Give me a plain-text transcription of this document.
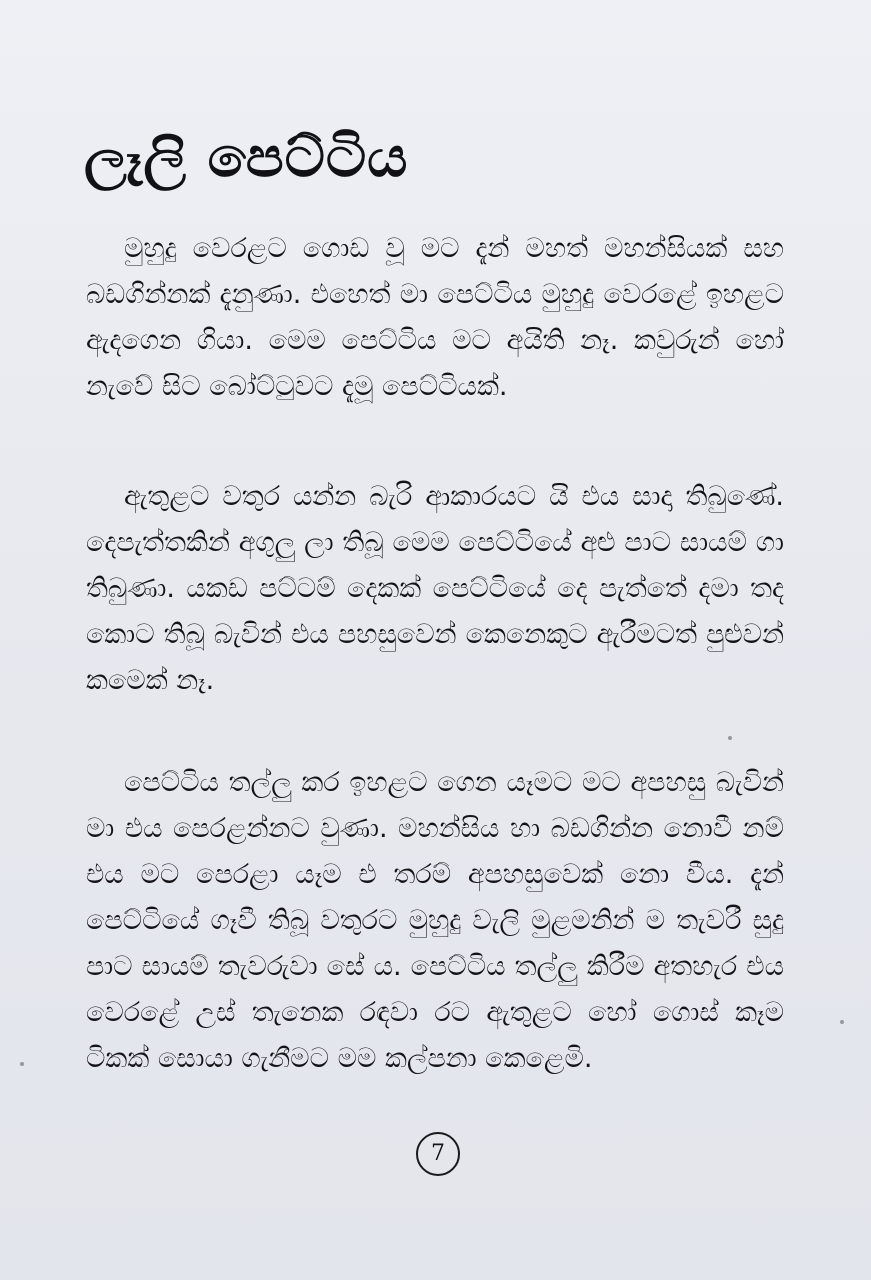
ලෑලි පෙට්ටිය

මුහුදු වෙරළට ගොඩ වූ මට දැන් මහත් මහන්සියක් සහ බඩගින්නක් දැනුණා. එහෙත් මා පෙට්ටිය මුහුදු වෙරළේ ඉහළට ඇදගෙන ගියා. මෙම පෙට්ටිය මට අයිති නෑ. කවුරුන් හෝ නැවේ සිට බෝට්ටුවට දැමූ පෙට්ටියක්.

ඇතුළට වතුර යන්න බැරි ආකාරයට යි එය සාදා තිබුණේ. දෙපැත්තකින් අගුලු ලා තිබූ මෙම පෙට්ටියේ අළු පාට සායම් ගා තිබුණා. යකඩ පට්ටම් දෙකක් පෙට්ටියේ දෙ පැත්තේ දමා තද කොට තිබූ බැවින් එය පහසුවෙන් කෙනෙකුට ඇරීමටත් පුළුවන් කමෙක් නෑ.

පෙට්ටිය තල්ලු කර ඉහළට ගෙන යෑමට මට අපහසු බැවින් මා එය පෙරළන්නට වුණා. මහන්සිය හා බඩගින්න නොවී නම් එය මට පෙරළා යෑම එ තරම් අපහසුවෙක් නො වීය. දැන් පෙට්ටියේ ගෑවී තිබූ වතුරට මුහුදු වැලි මුළමනින් ම තැවරී සුදු පාට සායම් තැවරුවා සේ ය. පෙට්ටිය තල්ලු කිරීම අතහැර එය වෙරළේ උස් තැනෙක රඳවා රට ඇතුළට හෝ ගොස් කෑම ටිකක් සොයා ගැනීමට මම කල්පනා කෙළෙමි.

7
